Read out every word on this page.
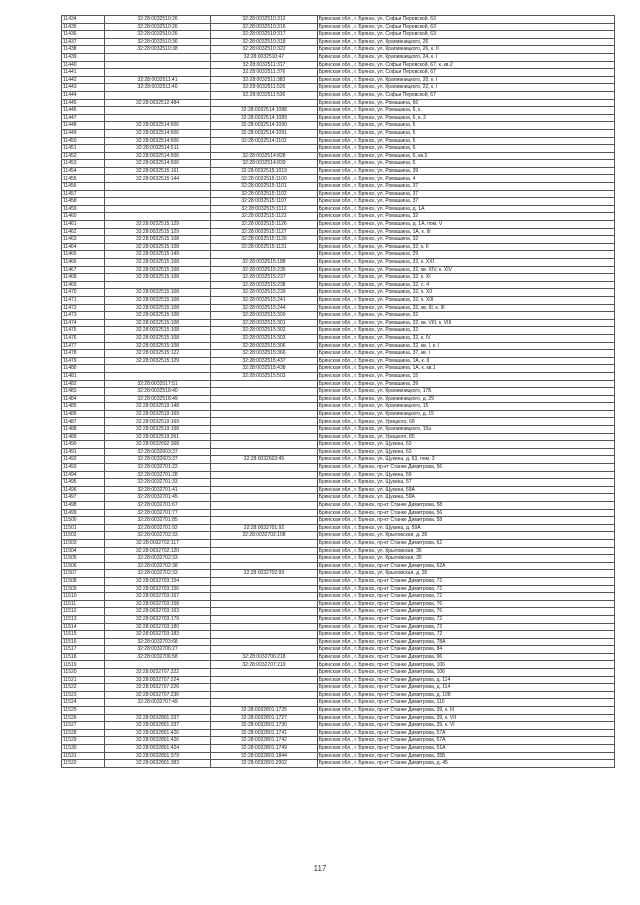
11434	32:28:0032510:26	32:28:0032510:312	Брянская обл., г. Брянск, ул. Софьи Перовской, 63
11435	32:28:0032510:26	32:28:0032510:316	Брянская обл., г. Брянск, ул. Софьи Перовской, 63
11436	32:28:0032510:26	32:28:0032510:317	Брянская обл., г. Брянск, ул. Софьи Перовской, 63
11437	32:28:0032510:36	32:28:0032510:318	Брянская обл., г. Брянск, ул. Крапивницкого, 26
11438	32:28:0032510:38	32:28:0032510:322	Брянская обл., г. Брянск, ул. Крапивницкого, 26, к. II
11439		32:28:0032510:47	Брянская обл., г. Брянск, ул. Крапивницкого, 24, к. I
11440		32:28:0032511:317	Брянская обл., г. Брянск, ул. Софьи Перовской, 67, к. кв.2
11441		32:28:0032511:376	Брянская обл., г. Брянск, ул. Софьи Перовской, 67
11442	32:28:0032511:41	32:28:0032511:383	Брянская обл., г. Брянск, ул. Крапивницкого, 20, к. I
11443	32:28:0032511:40	32:28:0032511:526	Брянская обл., г. Брянск, ул. Крапивницкого, 22, к. I
11444		32:28:0032511:536	Брянская обл., г. Брянск, ул. Софьи Перовской, 67
11445	32:28:0032512:484		Брянская обл., г. Брянск, ул. Ромашина, 66
11446		32:28:0032514:1088	Брянская обл., г. Брянск, ул. Ромашина, 6, к.
11447		32:28:0032514:1089	Брянская обл., г. Брянск, ул. Ромашина, 6, к. 2
11448	32:28:0032514:506	32:28:0032514:1090	Брянская обл., г. Брянск, ул. Ромашина, 6
11449	32:28:0032514:506	32:28:0032514:1091	Брянская обл., г. Брянск, ул. Ромашина, 6
11450	32:28:0032514:506	32:28:0032514:1102	Брянская обл., г. Брянск, ул. Ромашина, 6
11451	32:28:0032514:511		Брянская обл., г. Брянск, ул. Ромашина, 6
11452	32:28:0032514:506	32:28:0032514:828	Брянская обл., г. Брянск, ул. Ромашина, 6, кв.3
11453	32:28:0032514:506	32:28:0032514:839	Брянская обл., г. Брянск, ул. Ромашина, 6
11454	32:28:0032515:161	32:28:0032515:1019	Брянская обл., г. Брянск, ул. Ромашина, 39
11455	32:28:0032515:144	32:28:0032515:1100	Брянская обл., г. Брянск, ул. Ромашина, 4
11456		32:28:0032515:1101	Брянская обл., г. Брянск, ул. Ромашина, 37
11457		32:28:0032515:1102	Брянская обл., г. Брянск, ул. Ромашина, 37
11458		32:28:0032515:1107	Брянская обл., г. Брянск, ул. Ромашина, 37
11459		32:28:0032515:1112	Брянская обл., г. Брянск, ул. Ромашина, д. 1А
11460		32:28:0032515:1122	Брянская обл., г. Брянск, ул. Ромашина, 32
11461	32:28:0032515:129	32:28:0032515:1126	Брянская обл., г. Брянск, ул. Ромашина, д. 1А, пом. V
11462	32:28:0032515:129	32:28:0032515:1127	Брянская обл., г. Брянск, ул. Ромашина, 1А, к. III
11463	32:28:0032515:108	32:28:0032515:1130	Брянская обл., г. Брянск, ул. Ромашина, 32
11464	32:28:0032515:108	32:28:0032515:1131	Брянская обл., г. Брянск, ул. Ромашина, 32, к. II
11465	32:28:0032515:149		Брянская обл., г. Брянск, ул. Ромашина, 29
11466	32:28:0032515:108	32:28:0032515:188	Брянская обл., г. Брянск, ул. Ромашина, 32, к. XXI
11467	32:28:0032515:108	32:28:0032515:235	Брянская обл., г. Брянск, ул. Ромашина, 32, кв. XIV, к. XIV
11468	32:28:0032515:108	32:28:0032515:237	Брянская обл., г. Брянск, ул. Ромашина, 32, к. XI
11469		32:28:0032515:238	Брянская обл., г. Брянск, ул. Ромашина, 32, с. 4
11470	32:28:0032515:108	32:28:0032515:239	Брянская обл., г. Брянск, ул. Ромашина, 32, к. XII
11471	32:28:0032515:108	32:28:0032515:241	Брянская обл., г. Брянск, ул. Ромашина, 32, к. XIII
11472	32:28:0032515:108	32:28:0032515:244	Брянская обл., г. Брянск, ул. Ромашина, 32, кв. III, к. III
11473	32:28:0032515:108	32:28:0032515:300	Брянская обл., г. Брянск, ул. Ромашина, 32
11474	32:28:0032515:108	32:28:0032515:301	Брянская обл., г. Брянск, ул. Ромашина, 32, кв. VIII, к. VIII
11475	32:28:0032515:108	32:28:0032515:302	Брянская обл., г. Брянск, ул. Ромашина, 32
11476	32:28:0032515:108	32:28:0032515:303	Брянская обл., г. Брянск, ул. Ромашина, 32, к. IV
11477	32:28:0032515:108	32:28:0032515:306	Брянская обл., г. Брянск, ул. Ромашина, 32, кв. I, к. I
11478	32:28:0032515:122	32:28:0032515:366	Брянская обл., г. Брянск, ул. Ромашина, 37, кв. I
11479	32:28:0032515:129	32:28:0032515:437	Брянская обл., г. Брянск, ул. Ромашина, 1А, к. II
11480		32:28:0032515:438	Брянская обл., г. Брянск, ул. Ромашина, 1А, к. кв.1
11481		32:28:0032515:503	Брянская обл., г. Брянск, ул. Ромашина, 15
11482	32:28:0032517:51		Брянская обл., г. Брянск, ул. Ромашина, 39
11483	32:28:0032518:40		Брянская обл., г. Брянск, ул. Крапивницкого, 17Б
11484	32:28:0032518:49		Брянская обл., г. Брянск, ул. Крапивницкого, д. 29
11485	32:28:0032519:148		Брянская обл., г. Брянск, ул. Крапивницкого, 15
11486	32:28:0032519:169		Брянская обл., г. Брянск, ул. Крапивницкого, д. 15
11487	32:28:0032519:169		Брянская обл., г. Брянск, ул. Урицкого, 68
11488	32:28:0032519:168		Брянская обл., г. Брянск, ул. Крапивницкого, 15а
11489	32:28:0032519:261		Брянская обл., г. Брянск, ул. Урицкого, 85
11490	32:28:0032602:368		Брянская обл., г. Брянск, ул. Щукина, 63
11491	32:28:0032603:37		Брянская обл., г. Брянск, ул. Щукина, 63
11492	32:28:0032603:37	32:28:0032603:45	Брянская обл., г. Брянск, ул. Щукина, д. 63, пом. 3
11493	32:28:0032701:22		Брянская обл., г. Брянск, пр-кт Станке Димитрова, 56
11494	32:28:0032701:28		Брянская обл., г. Брянск, ул. Щукина, 59
11495	32:28:0032701:33		Брянская обл., г. Брянск, ул. Щукина, 57
11496	32:28:0032701:41		Брянская обл., г. Брянск, ул. Щукина, 59А
11497	32:28:0032701:45		Брянская обл., г. Брянск, ул. Щукина, 59А
11498	32:28:0032701:67		Брянская обл., г. Брянск, пр-кт Станке Димитрова, 58
11499	32:28:0032701:77		Брянская обл., г. Брянск, пр-кт Станке Димитрова, 56
11500	32:28:0032701:85		Брянская обл., г. Брянск, пр-кт Станке Димитрова, 58
11501	32:28:0032701:92	32:28:0032701:92	Брянская обл., г. Брянск, ул. Щукина, д. 59А
11502	32:28:0032702:33	32:28:0032702:108	Брянская обл., г. Брянск, ул. Крыловская, д. 35
11503	32:28:0032702:117		Брянская обл., г. Брянск, пр-кт Станке Димитрова, 62
11504	32:28:0032702:120		Брянская обл., г. Брянск, ул. Крыловская, 36
11505	32:28:0032702:33		Брянская обл., г. Брянск, ул. Крыловская, 35
11506	32:28:0032702:38		Брянская обл., г. Брянск, пр-кт Станке Димитрова, 62А
11507	32:28:0032702:33	32:28:0032702:99	Брянская обл., г. Брянск, ул. Крыловская, д. 35
11508	32:28:0032703:154		Брянская обл., г. Брянск, пр-кт Станке Димитрова, 72
11509	32:28:0032703:156		Брянская обл., г. Брянск, пр-кт Станке Димитрова, 72
11510	32:28:0032703:157		Брянская обл., г. Брянск, пр-кт Станке Димитрова, 72
11511	32:28:0032703:158		Брянская обл., г. Брянск, пр-кт Станке Димитрова, 76
11512	32:28:0032703:163		Брянская обл., г. Брянск, пр-кт Станке Димитрова, 76
11513	32:28:0032703:179		Брянская обл., г. Брянск, пр-кт Станке Димитрова, 72
11514	32:28:0032703:180		Брянская обл., г. Брянск, пр-кт Станке Димитрова, 72
11515	32:28:0032703:183		Брянская обл., г. Брянск, пр-кт Станке Димитрова, 72
11516	32:28:0032703:68		Брянская обл., г. Брянск, пр-кт Станке Димитрова, 78А
11517	32:28:0032706:27		Брянская обл., г. Брянск, пр-кт Станке Димитрова, 84
11518	32:28:0032706:58	32:28:0032706:218	Брянская обл., г. Брянск, пр-кт Станке Димитрова, 96
11519		32:28:0032707:219	Брянская обл., г. Брянск, пр-кт Станке Димитрова, 106
11520	32:28:0032707:222		Брянская обл., г. Брянск, пр-кт Станке Димитрова, 106
11521	32:28:0032707:224		Брянская обл., г. Брянск, пр-кт Станке Димитрова, д. 114
11522	32:28:0032707:226		Брянская обл., г. Брянск, пр-кт Станке Димитрова, д. 114
11523	32:28:0032707:236		Брянская обл., г. Брянск, пр-кт Станке Димитрова, д. 108
11524	32:28:0032707:49		Брянская обл., г. Брянск, пр-кт Станке Димитрова, 110
11525		32:28:0032801:1725	Брянская обл., г. Брянск, пр-кт Станке Димитрова, 39, к. III
11526	32:28:0032801:337	32:28:0032801:1727	Брянская обл., г. Брянск, пр-кт Станке Димитрова, 39, к. VII
11527	32:28:0032801:337	32:28:0032801:1730	Брянская обл., г. Брянск, пр-кт Станке Димитрова, 39, к. VI
11528	32:28:0032801:426	32:28:0032801:1741	Брянская обл., г. Брянск, пр-кт Станке Димитрова, 57А
11529	32:28:0032801:426	32:28:0032801:1742	Брянская обл., г. Брянск, пр-кт Станке Димитрова, 57А
11530	32:28:0032801:424	32:28:0032801:1749	Брянская обл., г. Брянск, пр-кт Станке Димитрова, 51А
11531	32:28:0032801:379	32:28:0032801:1844	Брянская обл., г. Брянск, пр-кт Станке Димитрова, 35Б
11532	32:28:0032801:383	32:28:0032801:2002	Брянская обл., г. Брянск, пр-кт Станке Димитрова, д. 45
117
